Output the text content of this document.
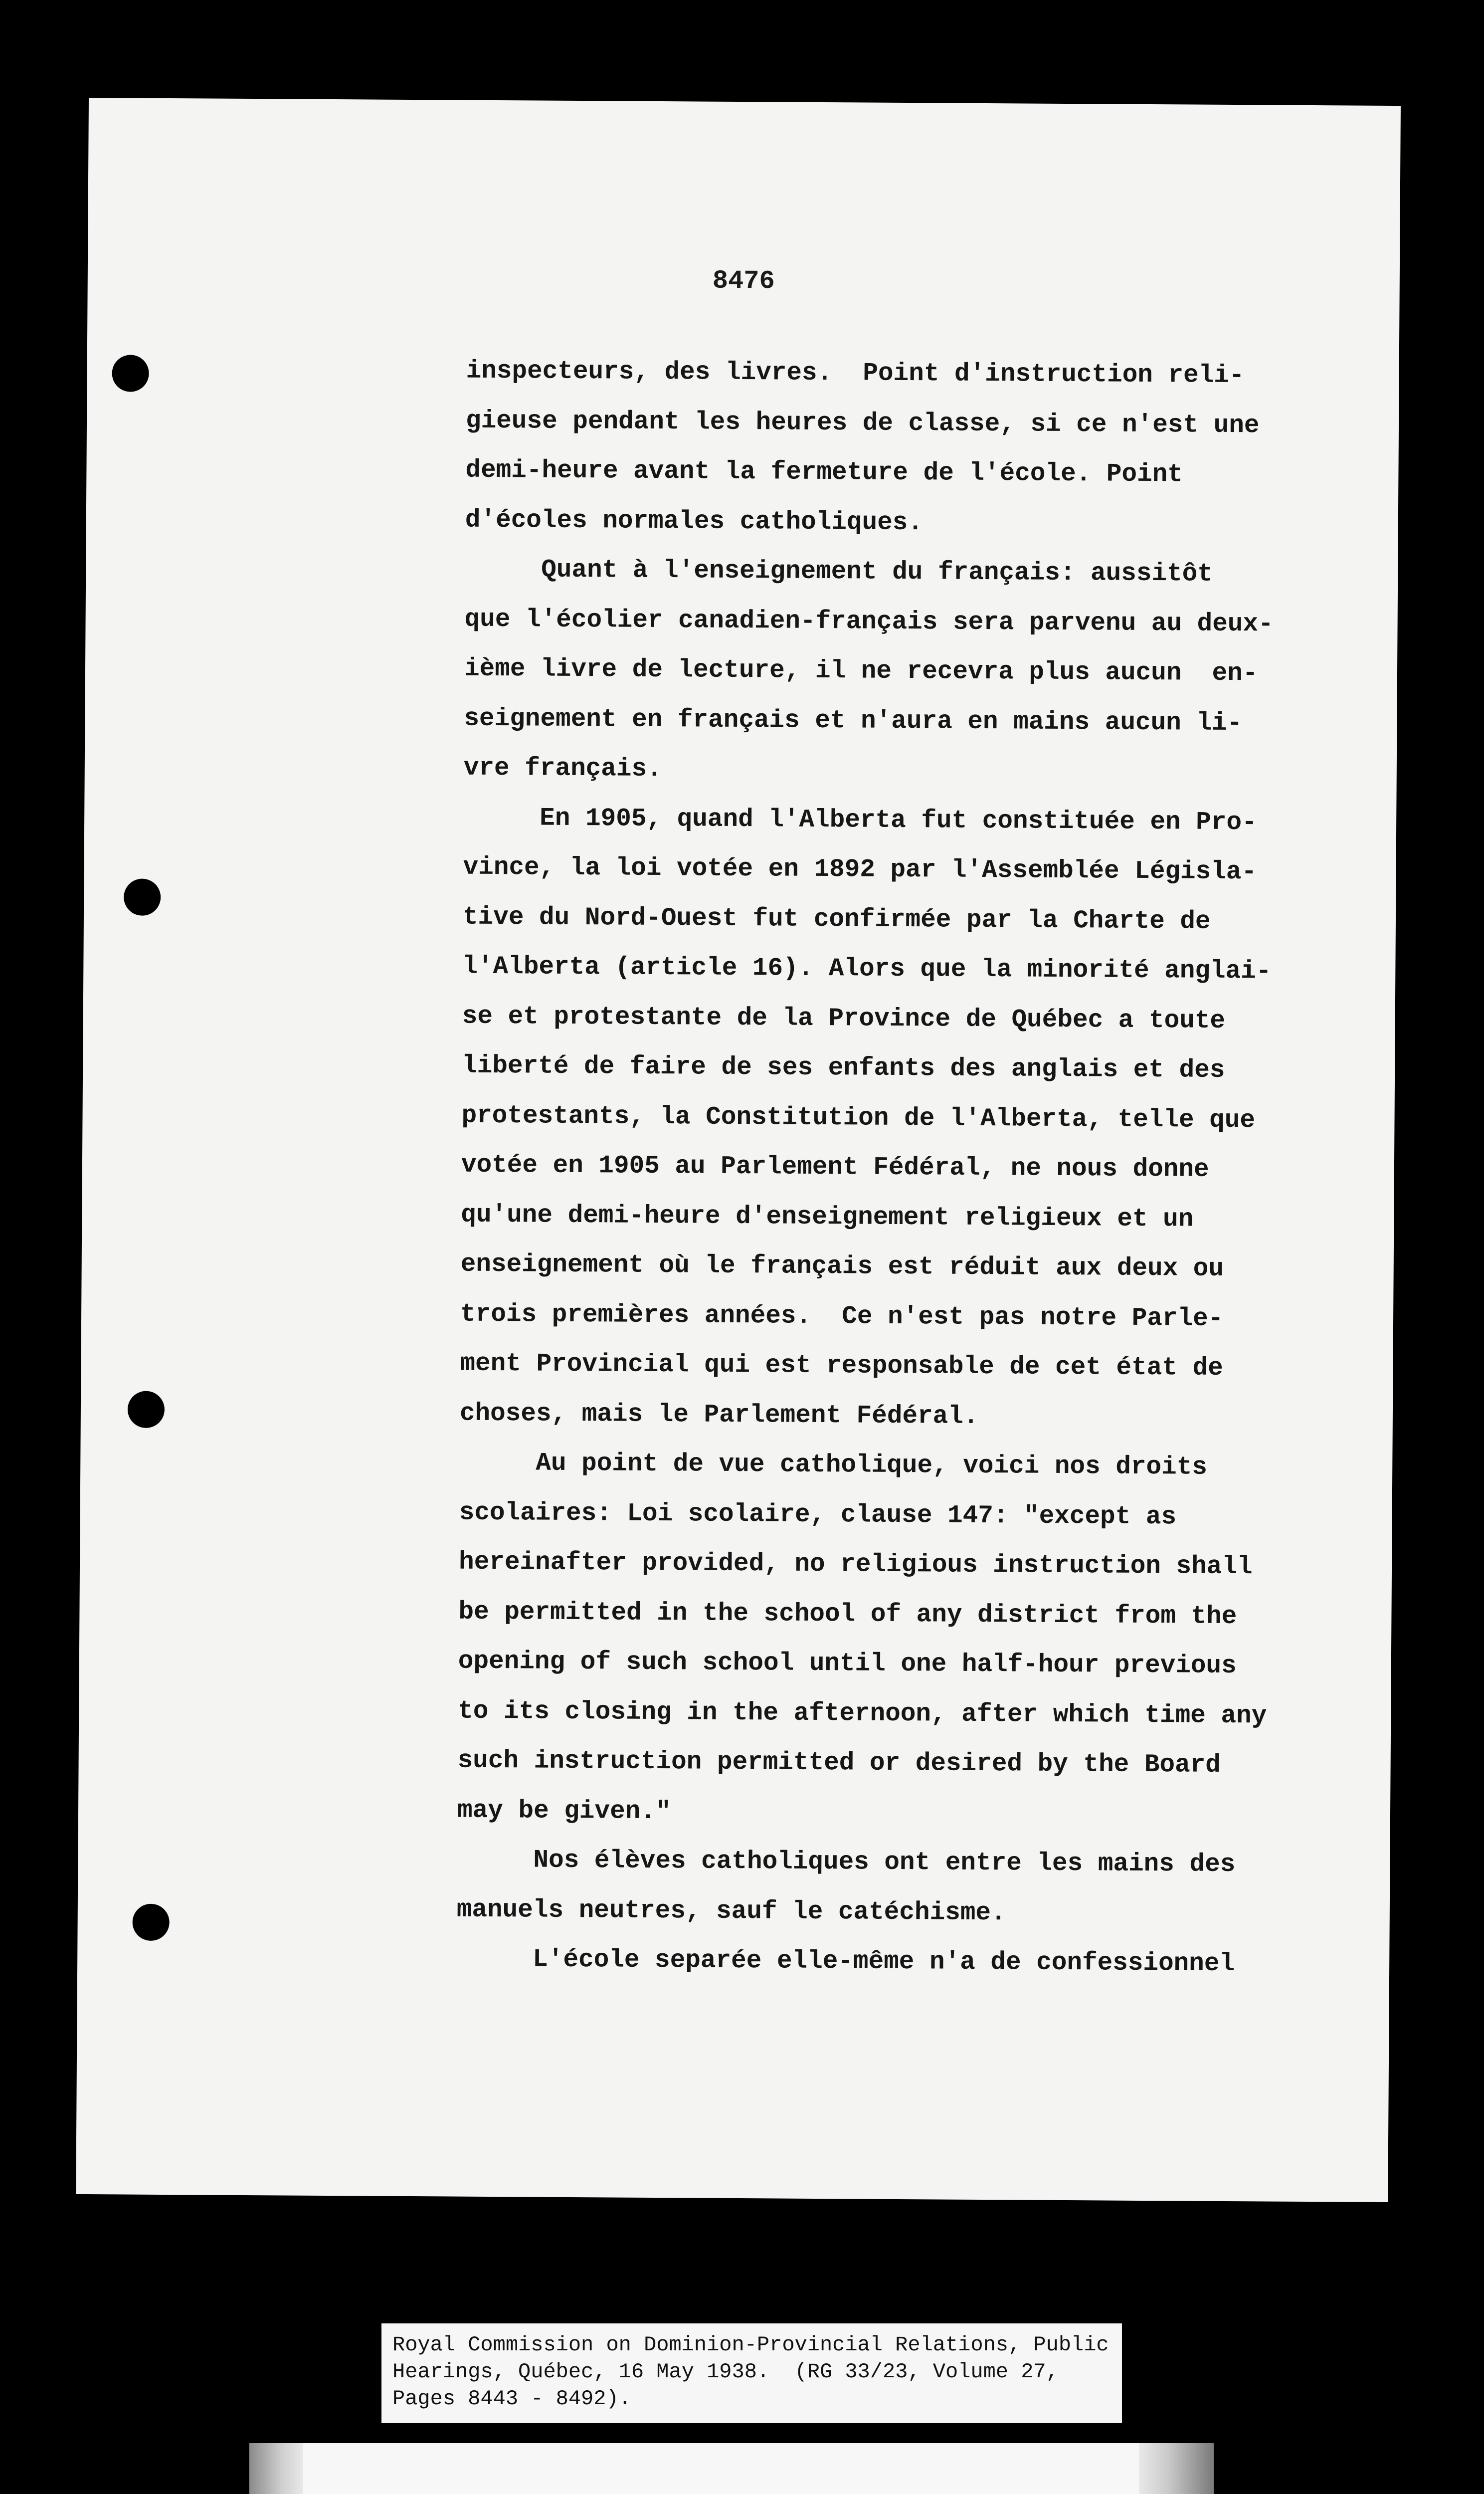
8476
inspecteurs, des livres.  Point d'instruction reli-
gieuse pendant les heures de classe, si ce n'est une
demi-heure avant la fermeture de l'école. Point
d'écoles normales catholiques.
Quant à l'enseignement du français: aussitôt
que l'écolier canadien-français sera parvenu au deux-
ième livre de lecture, il ne recevra plus aucun  en-
seignement en français et n'aura en mains aucun li-
vre français.
En 1905, quand l'Alberta fut constituée en Pro-
vince, la loi votée en 1892 par l'Assemblée Législa-
tive du Nord-Ouest fut confirmée par la Charte de
l'Alberta (article 16). Alors que la minorité anglai-
se et protestante de la Province de Québec a toute
liberté de faire de ses enfants des anglais et des
protestants, la Constitution de l'Alberta, telle que
votée en 1905 au Parlement Fédéral, ne nous donne
qu'une demi-heure d'enseignement religieux et un
enseignement où le français est réduit aux deux ou
trois premières années.  Ce n'est pas notre Parle-
ment Provincial qui est responsable de cet état de
choses, mais le Parlement Fédéral.
Au point de vue catholique, voici nos droits
scolaires: Loi scolaire, clause 147: "except as
hereinafter provided, no religious instruction shall
be permitted in the school of any district from the
opening of such school until one half-hour previous
to its closing in the afternoon, after which time any
such instruction permitted or desired by the Board
may be given."
Nos élèves catholiques ont entre les mains des
manuels neutres, sauf le catéchisme.
L'école separée elle-même n'a de confessionnel
Royal Commission on Dominion-Provincial Relations, Public
Hearings, Québec, 16 May 1938.  (RG 33/23, Volume 27,
Pages 8443 - 8492).
